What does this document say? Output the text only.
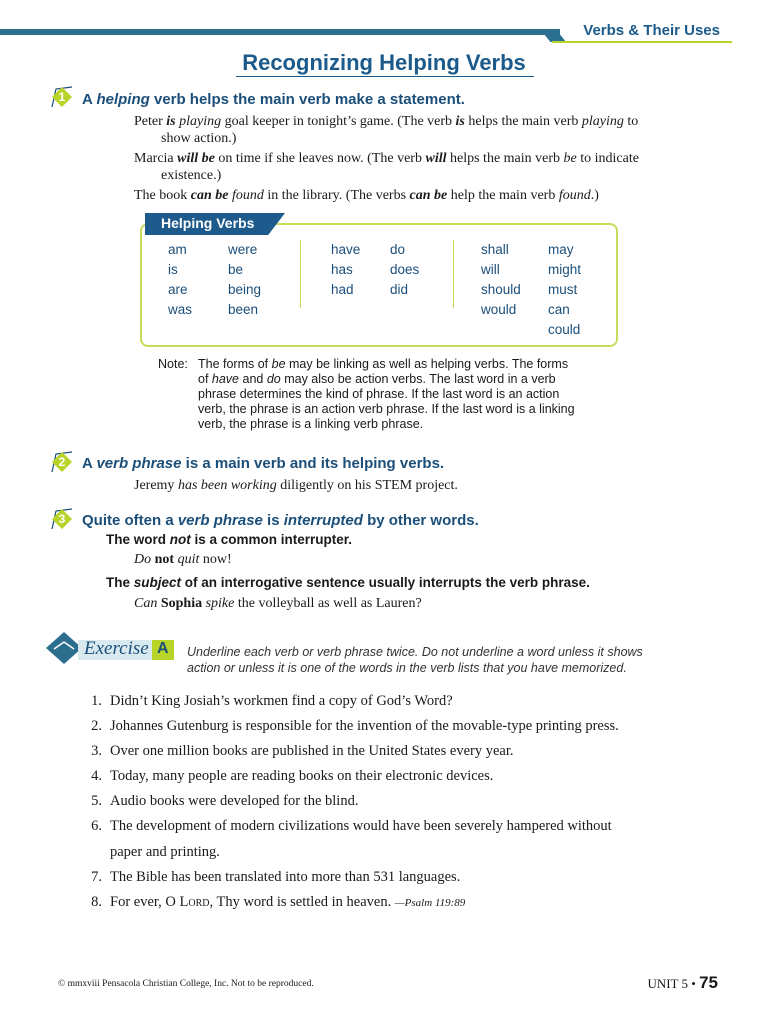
Verbs & Their Uses
Recognizing Helping Verbs
1 A helping verb helps the main verb make a statement.
Peter is playing goal keeper in tonight’s game. (The verb is helps the main verb playing to
show action.)
Marcia will be on time if she leaves now. (The verb will helps the main verb be to indicate
existence.)
The book can be found in the library. (The verbs can be help the main verb found.)
Helping Verbs
am
is
are
was
were
be
being
been
have
has
had
do
does
did
shall
will
should
would
may
might
must
can
could
Note: The forms of be may be linking as well as helping verbs. The forms
of have and do may also be action verbs. The last word in a verb
phrase determines the kind of phrase. If the last word is an action
verb, the phrase is an action verb phrase. If the last word is a linking
verb, the phrase is a linking verb phrase.
2 A verb phrase is a main verb and its helping verbs.
Jeremy has been working diligently on his STEM project.
3 Quite often a verb phrase is interrupted by other words.
The word not is a common interrupter.
Do not quit now!
The subject of an interrogative sentence usually interrupts the verb phrase.
Can Sophia spike the volleyball as well as Lauren?
Exercise A Underline each verb or verb phrase twice. Do not underline a word unless it shows
action or unless it is one of the words in the verb lists that you have memorized.
1. Didn’t King Josiah’s workmen find a copy of God’s Word?
2. Johannes Gutenburg is responsible for the invention of the movable-type printing press.
3. Over one million books are published in the United States every year.
4. Today, many people are reading books on their electronic devices.
5. Audio books were developed for the blind.
6. The development of modern civilizations would have been severely hampered without
paper and printing.
7. The Bible has been translated into more than 531 languages.
8. For ever, O Lord, Thy word is settled in heaven. —Psalm 119:89
© mmxviii Pensacola Christian College, Inc. Not to be reproduced.	UNIT 5 • 75
